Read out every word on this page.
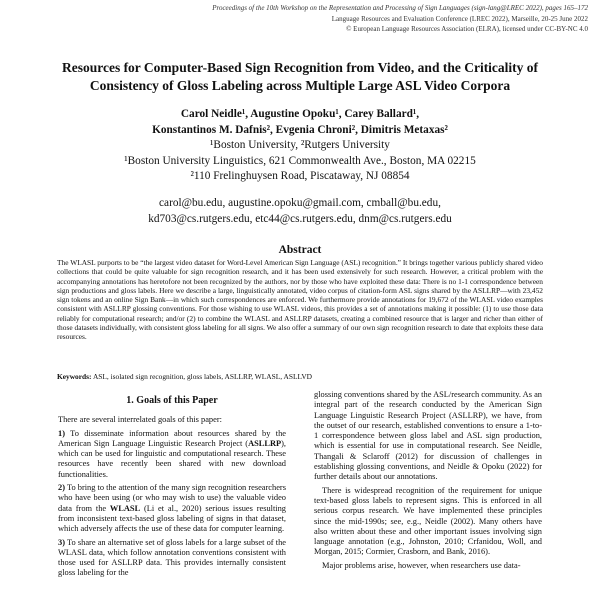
Proceedings of the 10th Workshop on the Representation and Processing of Sign Languages (sign-lang@LREC 2022), pages 165–172
Language Resources and Evaluation Conference (LREC 2022), Marseille, 20-25 June 2022
© European Language Resources Association (ELRA), licensed under CC-BY-NC 4.0
Resources for Computer-Based Sign Recognition from Video, and the Criticality of Consistency of Gloss Labeling across Multiple Large ASL Video Corpora
Carol Neidle¹, Augustine Opoku¹, Carey Ballard¹,
Konstantinos M. Dafnis², Evgenia Chroni², Dimitris Metaxas²
¹Boston University, ²Rutgers University
¹Boston University Linguistics, 621 Commonwealth Ave., Boston, MA 02215
²110 Frelinghuysen Road, Piscataway, NJ 08854
carol@bu.edu, augustine.opoku@gmail.com, cmball@bu.edu,
kd703@cs.rutgers.edu, etc44@cs.rutgers.edu, dnm@cs.rutgers.edu
Abstract
The WLASL purports to be “the largest video dataset for Word-Level American Sign Language (ASL) recognition.” It brings together various publicly shared video collections that could be quite valuable for sign recognition research, and it has been used extensively for such research. However, a critical problem with the accompanying annotations has heretofore not been recognized by the authors, nor by those who have exploited these data: There is no 1-1 correspondence between sign productions and gloss labels. Here we describe a large, linguistically annotated, video corpus of citation-form ASL signs shared by the ASLLRP—with 23,452 sign tokens and an online Sign Bank—in which such correspondences are enforced. We furthermore provide annotations for 19,672 of the WLASL video examples consistent with ASLLRP glossing conventions. For those wishing to use WLASL videos, this provides a set of annotations making it possible: (1) to use those data reliably for computational research; and/or (2) to combine the WLASL and ASLLRP datasets, creating a combined resource that is larger and richer than either of those datasets individually, with consistent gloss labeling for all signs. We also offer a summary of our own sign recognition research to date that exploits these data resources.
Keywords: ASL, isolated sign recognition, gloss labels, ASLLRP, WLASL, ASLLVD
1. Goals of this Paper

There are several interrelated goals of this paper:

1) To disseminate information about resources shared by the American Sign Language Linguistic Research Project (ASLLRP), which can be used for linguistic and computational research. These resources have recently been shared with new download functionalities.

2) To bring to the attention of the many sign recognition researchers who have been using (or who may wish to use) the valuable video data from the WLASL (Li et al., 2020) serious issues resulting from inconsistent text-based gloss labeling of signs in that dataset, which adversely affects the use of these data for computer learning.

3) To share an alternative set of gloss labels for a large subset of the WLASL data, which follow annotation conventions consistent with those used for ASLLRP data. This provides internally consistent gloss labeling for the

glossing conventions shared by the ASL/research community. As an integral part of the research conducted by the American Sign Language Linguistic Research Project (ASLLRP), we have, from the outset of our research, established conventions to ensure a 1-to-1 correspondence between gloss label and ASL sign production, which is essential for use in computational research. See Neidle, Thangali & Sclaroff (2012) for discussion of challenges in establishing glossing conventions, and Neidle & Opoku (2022) for further details about our annotations.

There is widespread recognition of the requirement for unique text-based gloss labels to represent signs. This is enforced in all serious corpus research. We have implemented these principles since the mid-1990s; see, e.g., Neidle (2002). Many others have also written about these and other important issues involving sign language annotation (e.g., Johnston, 2010; Crfanidou, Woll, and Morgan, 2015; Cormier, Crasborn, and Bank, 2016).

Major problems arise, however, when researchers use data-
